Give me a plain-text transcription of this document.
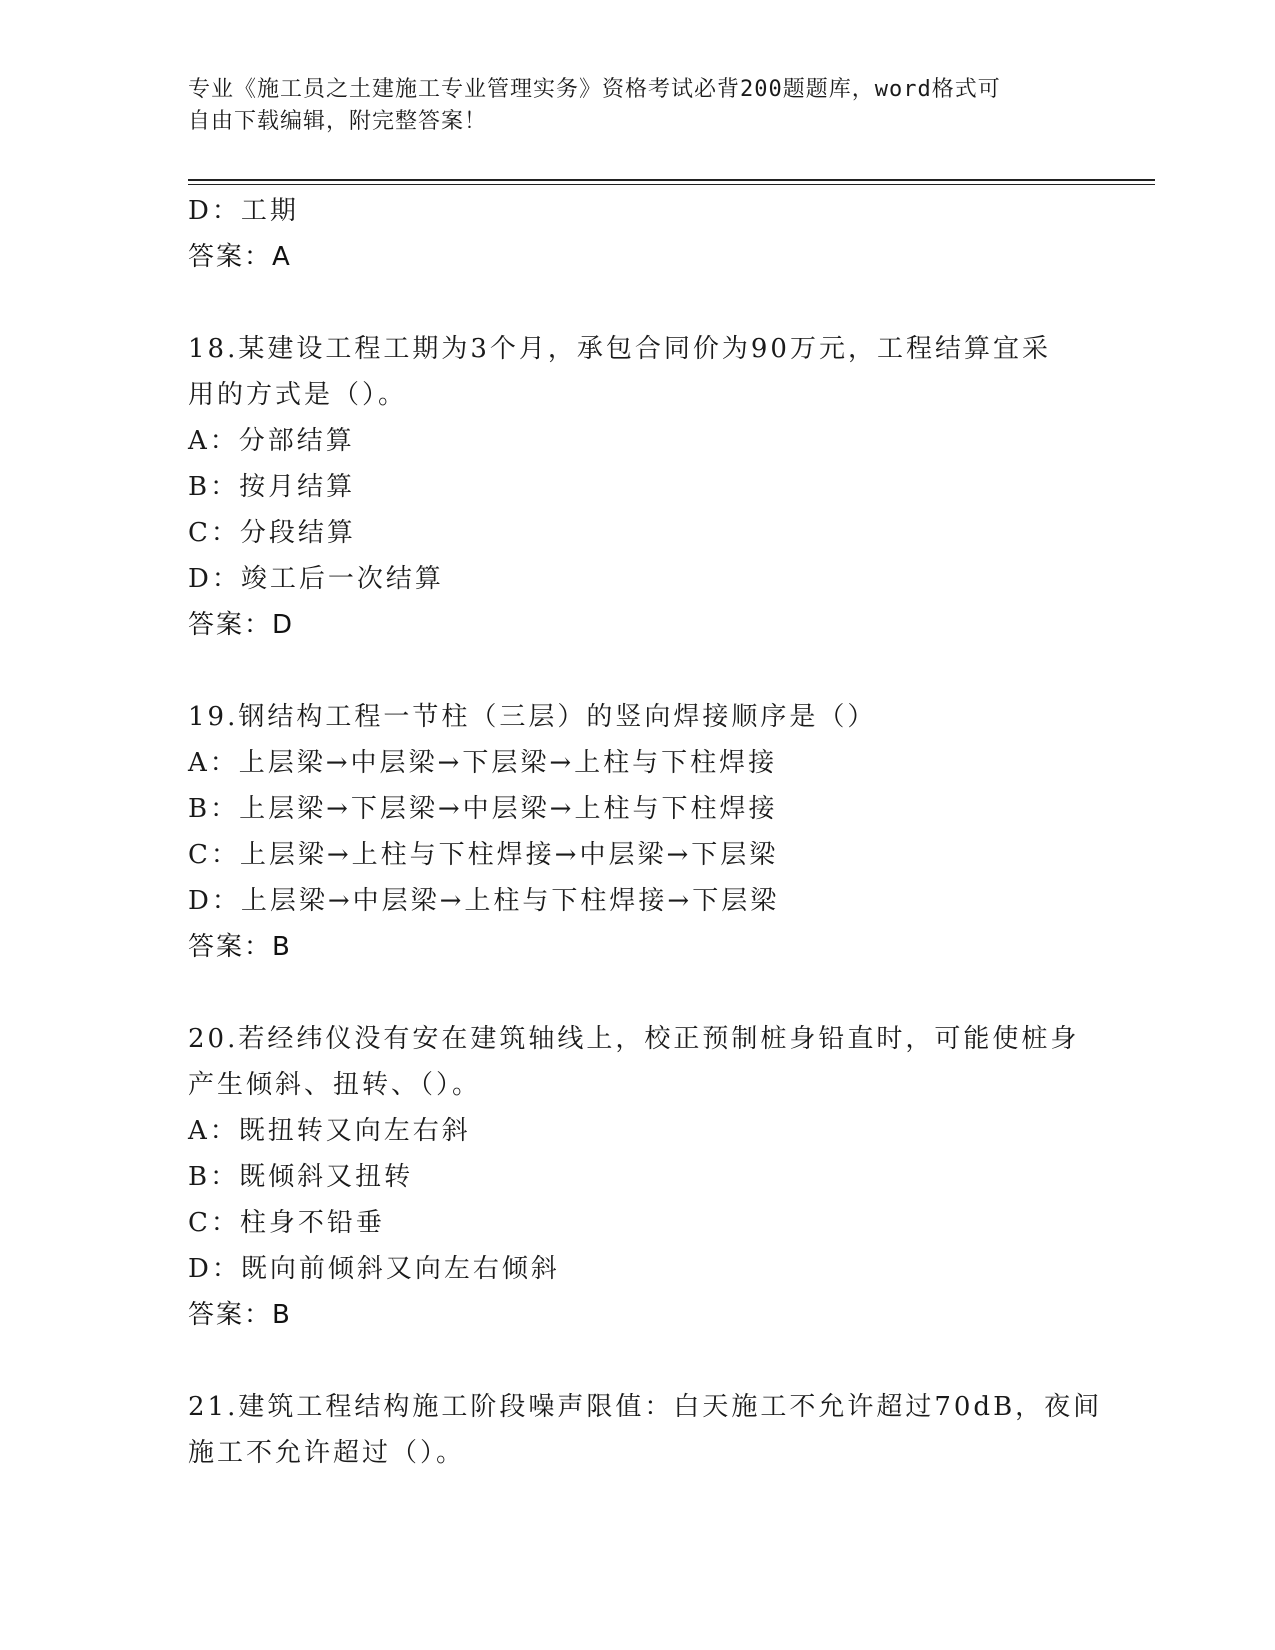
专业《施工员之土建施工专业管理实务》资格考试必背200题题库，word格式可
自由下载编辑，附完整答案！
D：工期
答案：A
18.某建设工程工期为3个月，承包合同价为90万元，工程结算宜采
用的方式是（）。
A：分部结算
B：按月结算
C：分段结算
D：竣工后一次结算
答案：D
19.钢结构工程一节柱（三层）的竖向焊接顺序是（）
A：上层梁→中层梁→下层梁→上柱与下柱焊接
B：上层梁→下层梁→中层梁→上柱与下柱焊接
C：上层梁→上柱与下柱焊接→中层梁→下层梁
D：上层梁→中层梁→上柱与下柱焊接→下层梁
答案：B
20.若经纬仪没有安在建筑轴线上，校正预制桩身铅直时，可能使桩身
产生倾斜、扭转、（）。
A：既扭转又向左右斜
B：既倾斜又扭转
C：柱身不铅垂
D：既向前倾斜又向左右倾斜
答案：B
21.建筑工程结构施工阶段噪声限值：白天施工不允许超过70dB，夜间
施工不允许超过（）。
